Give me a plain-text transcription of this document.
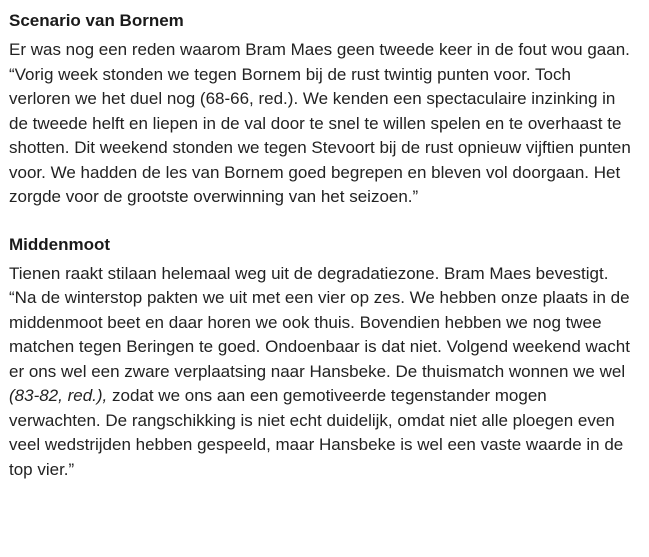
Scenario van Bornem

Er was nog een reden waarom Bram Maes geen tweede keer in de fout wou gaan. “Vorig week stonden we tegen Bornem bij de rust twintig punten voor. Toch verloren we het duel nog (68-66, red.). We kenden een spectaculaire inzinking in de tweede helft en liepen in de val door te snel te willen spelen en te overhaast te shotten. Dit weekend stonden we tegen Stevoort bij de rust opnieuw vijftien punten voor. We hadden de les van Bornem goed begrepen en bleven vol doorgaan. Het zorgde voor de grootste overwinning van het seizoen.”

Middenmoot

Tienen raakt stilaan helemaal weg uit de degradatiezone. Bram Maes bevestigt. “Na de winterstop pakten we uit met een vier op zes. We hebben onze plaats in de middenmoot beet en daar horen we ook thuis. Bovendien hebben we nog twee matchen tegen Beringen te goed. Ondoenbaar is dat niet. Volgend weekend wacht er ons wel een zware verplaatsing naar Hansbeke. De thuismatch wonnen we wel (83-82, red.), zodat we ons aan een gemotiveerde tegenstander mogen verwachten. De rangschikking is niet echt duidelijk, omdat niet alle ploegen even veel wedstrijden hebben gespeeld, maar Hansbeke is wel een vaste waarde in de top vier.”
